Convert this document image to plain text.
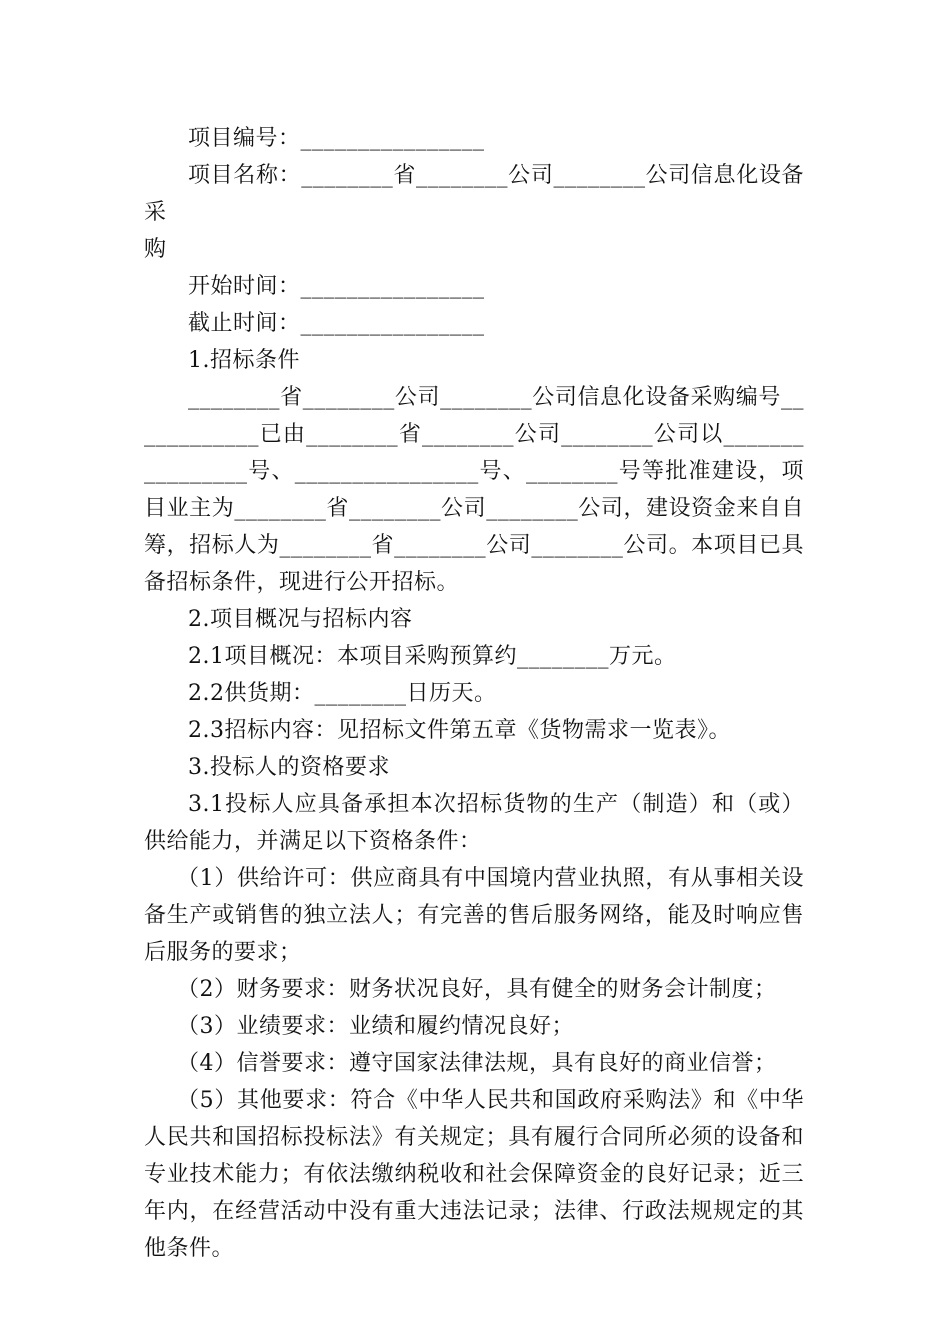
项目编号：________________

项目名称：________省________公司________公司信息化设备采

购

开始时间：________________

截止时间：________________

1.招标条件

________省________公司________公司信息化设备采购编号____________已由________省________公司________公司以________________号、________________号、________号等批准建设，项目业主为________省________公司________公司，建设资金来自自筹，招标人为________省________公司________公司。本项目已具备招标条件，现进行公开招标。

2.项目概况与招标内容

2.1项目概况：本项目采购预算约________万元。

2.2供货期：________日历天。

2.3招标内容：见招标文件第五章《货物需求一览表》。

3.投标人的资格要求

3.1投标人应具备承担本次招标货物的生产（制造）和（或）供给能力，并满足以下资格条件：

（1）供给许可：供应商具有中国境内营业执照，有从事相关设备生产或销售的独立法人；有完善的售后服务网络，能及时响应售后服务的要求；

（2）财务要求：财务状况良好，具有健全的财务会计制度；

（3）业绩要求：业绩和履约情况良好；

（4）信誉要求：遵守国家法律法规，具有良好的商业信誉；

（5）其他要求：符合《中华人民共和国政府采购法》和《中华人民共和国招标投标法》有关规定；具有履行合同所必须的设备和专业技术能力；有依法缴纳税收和社会保障资金的良好记录；近三年内，在经营活动中没有重大违法记录；法律、行政法规规定的其他条件。
